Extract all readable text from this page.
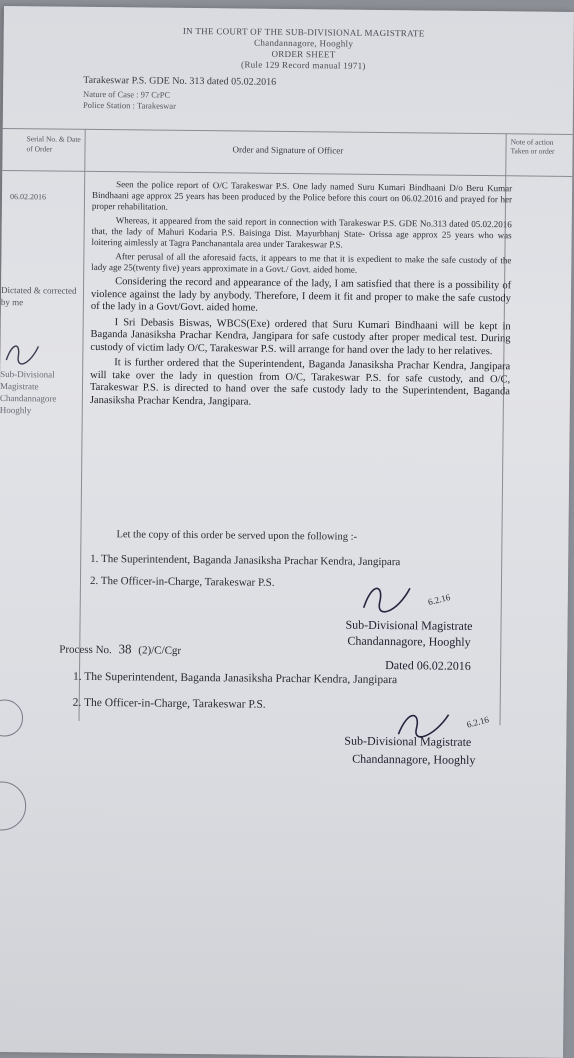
IN THE COURT OF THE SUB-DIVISIONAL MAGISTRATE
Chandannagore, Hooghly
ORDER SHEET
(Rule 129 Record manual 1971)
Tarakeswar P.S. GDE No. 313 dated 05.02.2016
Nature of Case : 97 CrPC
Police Station : Tarakeswar
Serial No. & Date of Order	Order and Signature of Officer
Note of action Taken or order
06.02.2016
Dictated & corrected by me
Sub-Divisional Magistrate Chandannagore Hooghly

Seen the police report of O/C Tarakeswar P.S. One lady named Suru Kumari Bindhaani D/o Beru Kumar Bindhaani age approx 25 years has been produced by the Police before this court on 06.02.2016 and prayed for her proper rehabilitation.

Whereas, it appeared from the said report in connection with Tarakeswar P.S. GDE No.313 dated 05.02.2016 that, the lady of Mahuri Kodaria P.S. Baisinga Dist. Mayurbhanj State- Orissa age approx 25 years who was loitering aimlessly at Tagra Panchanantala area under Tarakeswar P.S.

After perusal of all the aforesaid facts, it appears to me that it is expedient to make the safe custody of the lady age 25(twenty five) years approximate in a Govt./ Govt. aided home.

Considering the record and appearance of the lady, I am satisfied that there is a possibility of violence against the lady by anybody. Therefore, I deem it fit and proper to make the safe custody of the lady in a Govt/Govt. aided home.

I Sri Debasis Biswas, WBCS(Exe) ordered that Suru Kumari Bindhaani will be kept in Baganda Janasiksha Prachar Kendra, Jangipara for safe custody after proper medical test. During custody of victim lady O/C, Tarakeswar P.S. will arrange for hand over the lady to her relatives.

It is further ordered that the Superintendent, Baganda Janasiksha Prachar Kendra, Jangipara will take over the lady in question from O/C, Tarakeswar P.S. for safe custody, and O/C, Tarakeswar P.S. is directed to hand over the safe custody lady to the Superintendent, Baganda Janasiksha Prachar Kendra, Jangipara.

Let the copy of this order be served upon the following :-
1. The Superintendent, Baganda Janasiksha Prachar Kendra, Jangipara
2. The Officer-in-Charge, Tarakeswar P.S.
6.2.16
Sub-Divisional Magistrate
Chandannagore, Hooghly
Dated 06.02.2016
Process No. 38 (2)/C/Cgr
1. The Superintendent, Baganda Janasiksha Prachar Kendra, Jangipara
2. The Officer-in-Charge, Tarakeswar P.S.
6.2.16
Sub-Divisional Magistrate
Chandannagore, Hooghly
